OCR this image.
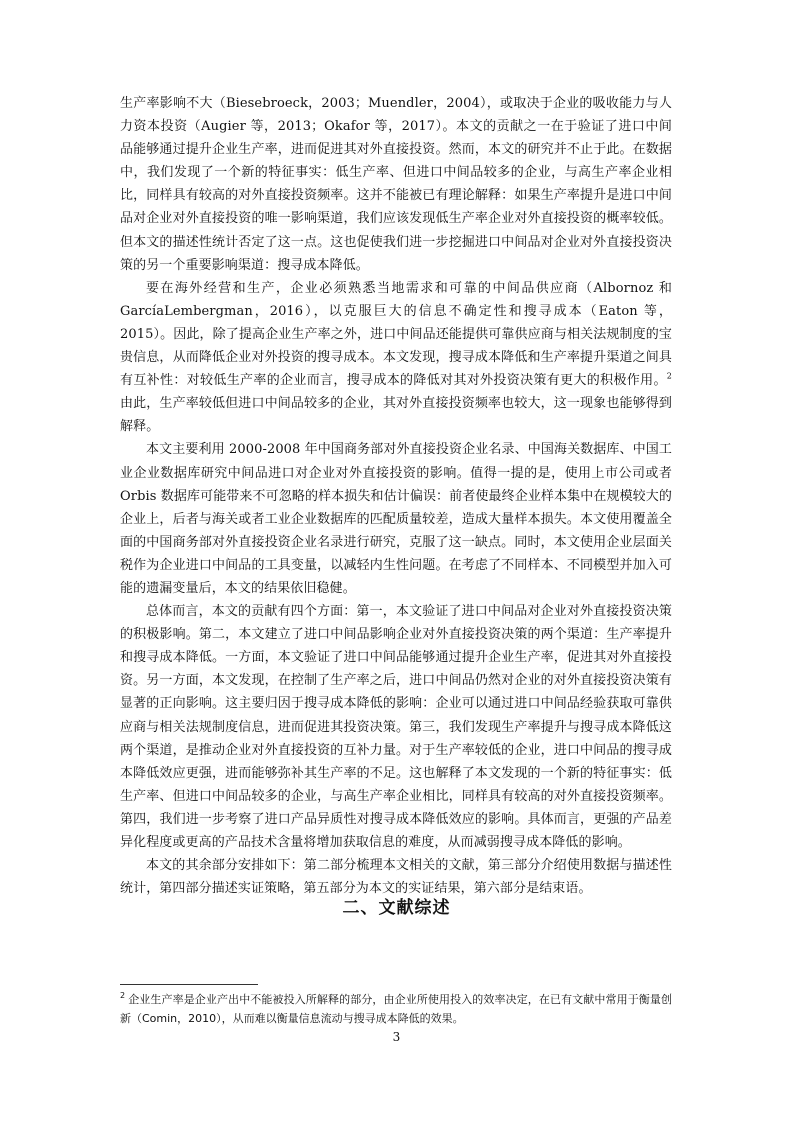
生产率影响不大（Biesebroeck，2003；Muendler，2004），或取决于企业的吸收能力与人力资本投资（Augier 等，2013；Okafor 等，2017）。本文的贡献之一在于验证了进口中间品能够通过提升企业生产率，进而促进其对外直接投资。然而，本文的研究并不止于此。在数据中，我们发现了一个新的特征事实：低生产率、但进口中间品较多的企业，与高生产率企业相比，同样具有较高的对外直接投资频率。这并不能被已有理论解释：如果生产率提升是进口中间品对企业对外直接投资的唯一影响渠道，我们应该发现低生产率企业对外直接投资的概率较低。但本文的描述性统计否定了这一点。这也促使我们进一步挖掘进口中间品对企业对外直接投资决策的另一个重要影响渠道：搜寻成本降低。

要在海外经营和生产，企业必须熟悉当地需求和可靠的中间品供应商（Albornoz 和 GarcíaLembergman，2016），以克服巨大的信息不确定性和搜寻成本（Eaton 等，2015）。因此，除了提高企业生产率之外，进口中间品还能提供可靠供应商与相关法规制度的宝贵信息，从而降低企业对外投资的搜寻成本。本文发现，搜寻成本降低和生产率提升渠道之间具有互补性：对较低生产率的企业而言，搜寻成本的降低对其对外投资决策有更大的积极作用。$^2$由此，生产率较低但进口中间品较多的企业，其对外直接投资频率也较大，这一现象也能够得到解释。

本文主要利用 2000-2008 年中国商务部对外直接投资企业名录、中国海关数据库、中国工业企业数据库研究中间品进口对企业对外直接投资的影响。值得一提的是，使用上市公司或者 Orbis 数据库可能带来不可忽略的样本损失和估计偏误：前者使最终企业样本集中在规模较大的企业上，后者与海关或者工业企业数据库的匹配质量较差，造成大量样本损失。本文使用覆盖全面的中国商务部对外直接投资企业名录进行研究，克服了这一缺点。同时，本文使用企业层面关税作为企业进口中间品的工具变量，以减轻内生性问题。在考虑了不同样本、不同模型并加入可能的遗漏变量后，本文的结果依旧稳健。

总体而言，本文的贡献有四个方面：第一，本文验证了进口中间品对企业对外直接投资决策的积极影响。第二，本文建立了进口中间品影响企业对外直接投资决策的两个渠道：生产率提升和搜寻成本降低。一方面，本文验证了进口中间品能够通过提升企业生产率，促进其对外直接投资。另一方面，本文发现，在控制了生产率之后，进口中间品仍然对企业的对外直接投资决策有显著的正向影响。这主要归因于搜寻成本降低的影响：企业可以通过进口中间品经验获取可靠供应商与相关法规制度信息，进而促进其投资决策。第三，我们发现生产率提升与搜寻成本降低这两个渠道，是推动企业对外直接投资的互补力量。对于生产率较低的企业，进口中间品的搜寻成本降低效应更强，进而能够弥补其生产率的不足。这也解释了本文发现的一个新的特征事实：低生产率、但进口中间品较多的企业，与高生产率企业相比，同样具有较高的对外直接投资频率。第四，我们进一步考察了进口产品异质性对搜寻成本降低效应的影响。具体而言，更强的产品差异化程度或更高的产品技术含量将增加获取信息的难度，从而减弱搜寻成本降低的影响。

本文的其余部分安排如下：第二部分梳理本文相关的文献，第三部分介绍使用数据与描述性统计，第四部分描述实证策略，第五部分为本文的实证结果，第六部分是结束语。

二、文献综述

$^2$ 企业生产率是企业产出中不能被投入所解释的部分，由企业所使用投入的效率决定，在已有文献中常用于衡量创新（Comin，2010），从而难以衡量信息流动与搜寻成本降低的效果。

3
